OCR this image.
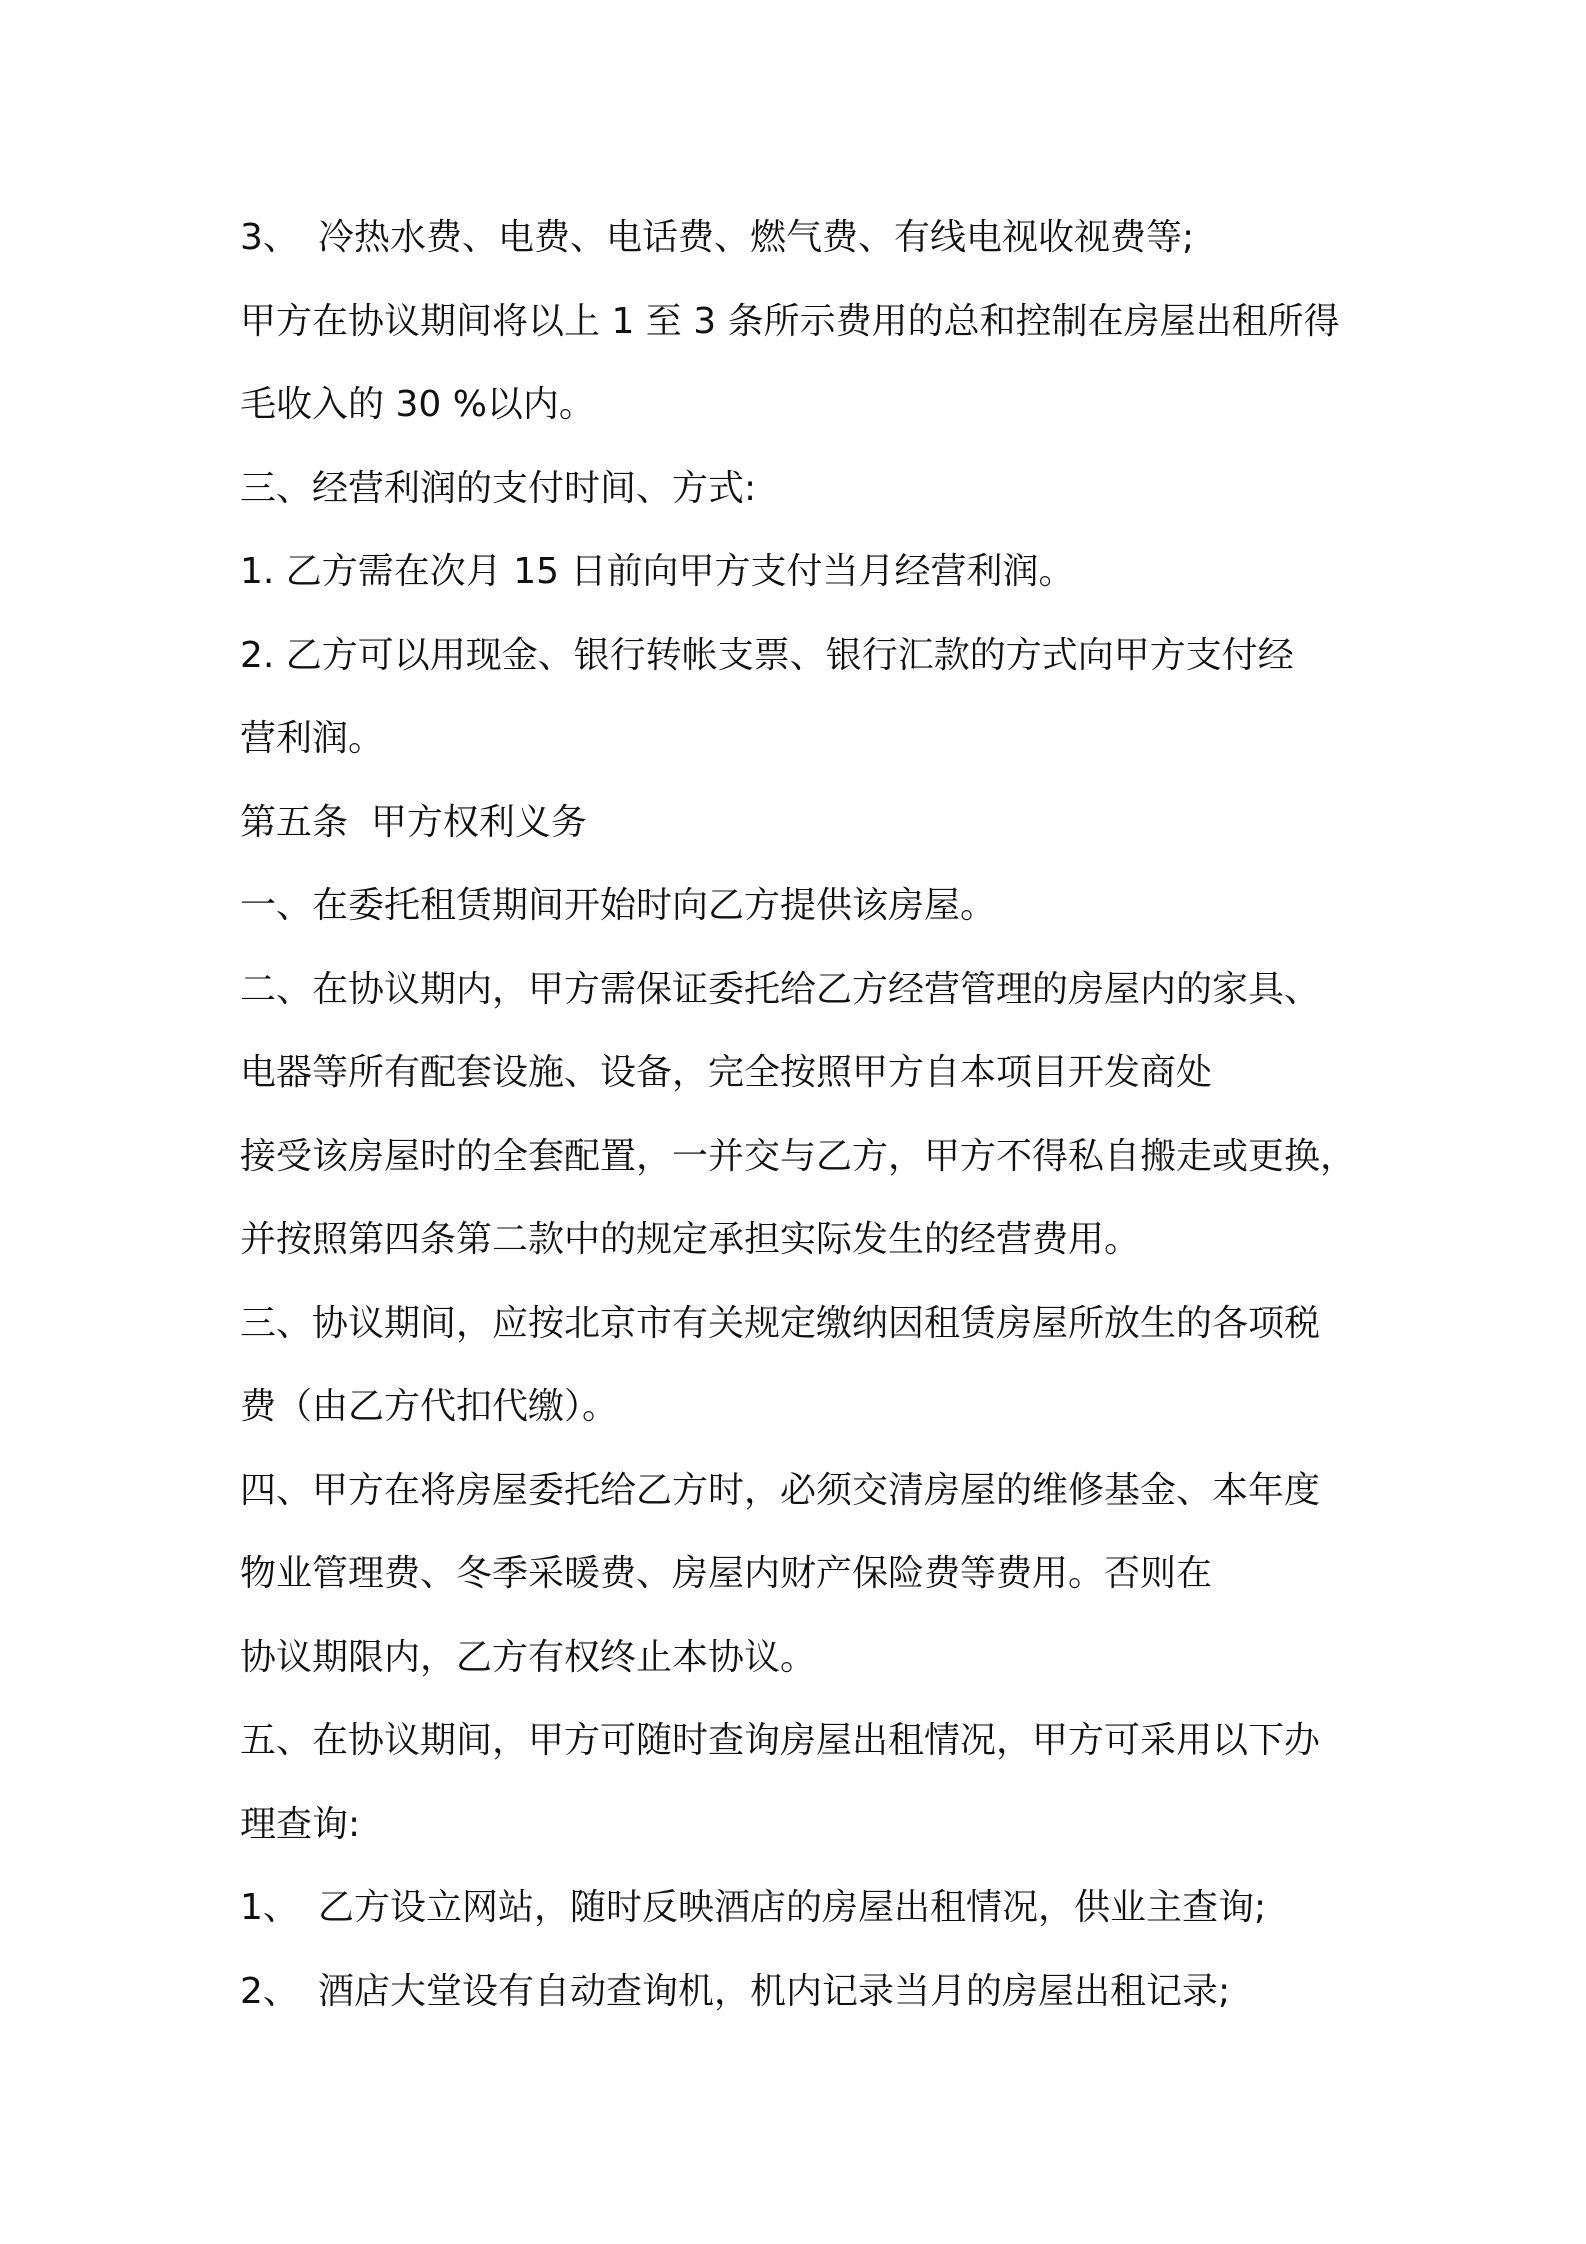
3、 冷热水费、电费、电话费、燃气费、有线电视收视费等;
甲方在协议期间将以上 1 至 3 条所示费用的总和控制在房屋出租所得
毛收入的 30 %以内。
三、经营利润的支付时间、方式:
1. 乙方需在次月 15 日前向甲方支付当月经营利润。
2. 乙方可以用现金、银行转帐支票、银行汇款的方式向甲方支付经
营利润。
第五条  甲方权利义务
一、在委托租赁期间开始时向乙方提供该房屋。
二、在协议期内，甲方需保证委托给乙方经营管理的房屋内的家具、
电器等所有配套设施、设备，完全按照甲方自本项目开发商处
接受该房屋时的全套配置，一并交与乙方，甲方不得私自搬走或更换，
并按照第四条第二款中的规定承担实际发生的经营费用。
三、协议期间，应按北京市有关规定缴纳因租赁房屋所放生的各项税
费（由乙方代扣代缴）。
四、甲方在将房屋委托给乙方时，必须交清房屋的维修基金、本年度
物业管理费、冬季采暖费、房屋内财产保险费等费用。否则在
协议期限内，乙方有权终止本协议。
五、在协议期间，甲方可随时查询房屋出租情况，甲方可采用以下办
理查询:
1、 乙方设立网站，随时反映酒店的房屋出租情况，供业主查询;
2、 酒店大堂设有自动查询机，机内记录当月的房屋出租记录;
